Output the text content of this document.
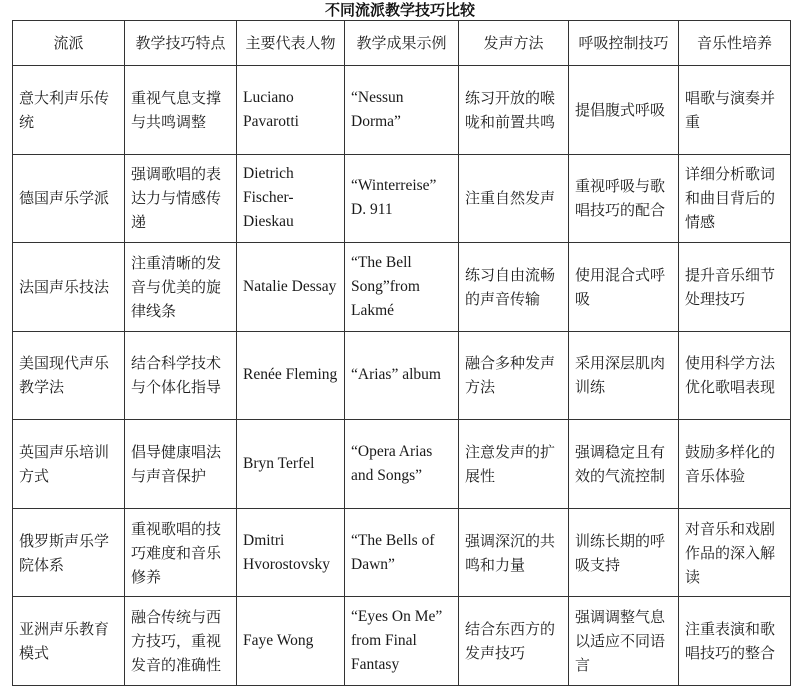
不同流派教学技巧比较
流派	教学技巧特点	主要代表人物	教学成果示例	发声方法	呼吸控制技巧	音乐性培养
意大利声乐传统	重视气息支撑与共鸣调整	Luciano Pavarotti	“Nessun Dorma”	练习开放的喉咙和前置共鸣	提倡腹式呼吸	唱歌与演奏并重
德国声乐学派	强调歌唱的表达力与情感传递	Dietrich Fischer-Dieskau	“Winterreise” D. 911	注重自然发声	重视呼吸与歌唱技巧的配合	详细分析歌词和曲目背后的情感
法国声乐技法	注重清晰的发音与优美的旋律线条	Natalie Dessay	“The Bell Song”from Lakmé	练习自由流畅的声音传输	使用混合式呼吸	提升音乐细节处理技巧
美国现代声乐教学法	结合科学技术与个体化指导	Renée Fleming	“Arias” album	融合多种发声方法	采用深层肌肉训练	使用科学方法优化歌唱表现
英国声乐培训方式	倡导健康唱法与声音保护	Bryn Terfel	“Opera Arias and Songs”	注意发声的扩展性	强调稳定且有效的气流控制	鼓励多样化的音乐体验
俄罗斯声乐学院体系	重视歌唱的技巧难度和音乐修养	Dmitri Hvorostovsky	“The Bells of Dawn”	强调深沉的共鸣和力量	训练长期的呼吸支持	对音乐和戏剧作品的深入解读
亚洲声乐教育模式	融合传统与西方技巧，重视发音的准确性	Faye Wong	“Eyes On Me” from Final Fantasy	结合东西方的发声技巧	强调调整气息以适应不同语言	注重表演和歌唱技巧的整合
